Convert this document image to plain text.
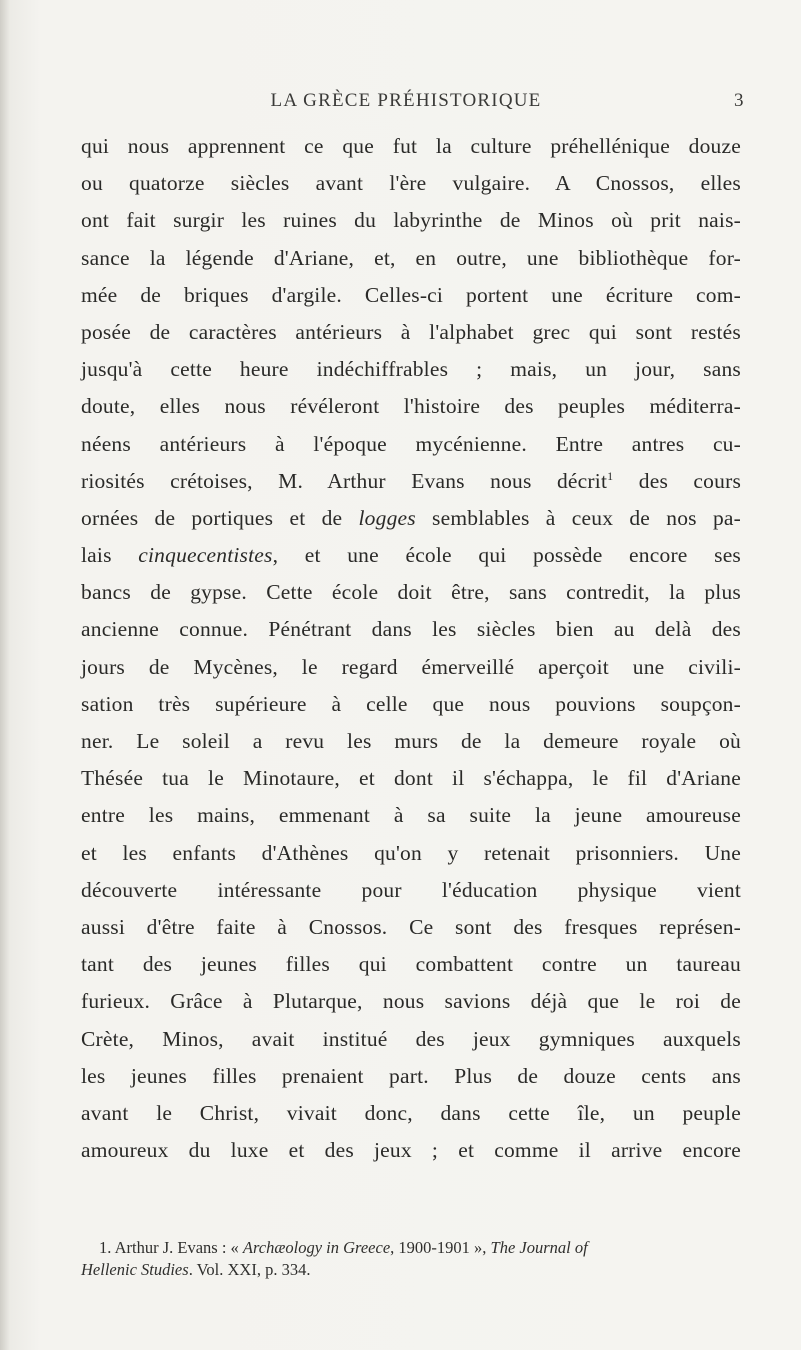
LA GRÈCE PRÉHISTORIQUE	3
qui nous apprennent ce que fut la culture préhellénique douze
ou quatorze siècles avant l'ère vulgaire. A Cnossos, elles
ont fait surgir les ruines du labyrinthe de Minos où prit nais-
sance la légende d'Ariane, et, en outre, une bibliothèque for-
mée de briques d'argile. Celles-ci portent une écriture com-
posée de caractères antérieurs à l'alphabet grec qui sont restés
jusqu'à cette heure indéchiffrables ; mais, un jour, sans
doute, elles nous révéleront l'histoire des peuples méditerra-
néens antérieurs à l'époque mycénienne. Entre antres cu-
riosités crétoises, M. Arthur Evans nous décrit$^1$ des cours
ornées de portiques et de logges semblables à ceux de nos pa-
lais cinquecentistes, et une école qui possède encore ses
bancs de gypse. Cette école doit être, sans contredit, la plus
ancienne connue. Pénétrant dans les siècles bien au delà des
jours de Mycènes, le regard émerveillé aperçoit une civili-
sation très supérieure à celle que nous pouvions soupçon-
ner. Le soleil a revu les murs de la demeure royale où
Thésée tua le Minotaure, et dont il s'échappa, le fil d'Ariane
entre les mains, emmenant à sa suite la jeune amoureuse
et les enfants d'Athènes qu'on y retenait prisonniers. Une
découverte intéressante pour l'éducation physique vient
aussi d'être faite à Cnossos. Ce sont des fresques représen-
tant des jeunes filles qui combattent contre un taureau
furieux. Grâce à Plutarque, nous savions déjà que le roi de
Crète, Minos, avait institué des jeux gymniques auxquels
les jeunes filles prenaient part. Plus de douze cents ans
avant le Christ, vivait donc, dans cette île, un peuple
amoureux du luxe et des jeux ; et comme il arrive encore
1. Arthur J. Evans : « Archæology in Greece, 1900-1901 », The Journal of
Hellenic Studies. Vol. XXI, p. 334.
